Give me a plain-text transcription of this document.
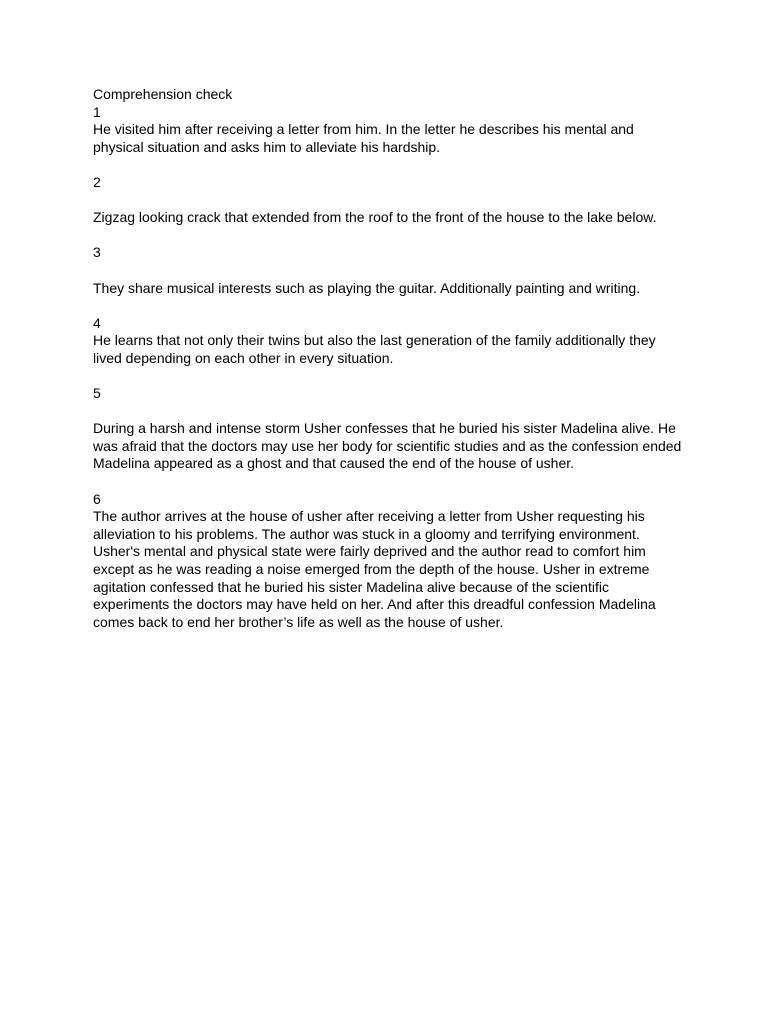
Comprehension check

1

He visited him after receiving a letter from him. In the letter he describes his mental and physical situation and asks him to alleviate his hardship.

2

Zigzag looking crack that extended from the roof to the front of the house to the lake below.

3

They share musical interests such as playing the guitar. Additionally painting and writing.

4

He learns that not only their twins but also the last generation of the family additionally they lived depending on each other in every situation.

5

During a harsh and intense storm Usher confesses that he buried his sister Madelina alive. He was afraid that the doctors may use her body for scientific studies and as the confession ended Madelina appeared as a ghost and that caused the end of the house of usher.

6

The author arrives at the house of usher after receiving a letter from Usher requesting his alleviation to his problems. The author was stuck in a gloomy and terrifying environment. Usher's mental and physical state were fairly deprived and the author read to comfort him except as he was reading a noise emerged from the depth of the house. Usher in extreme agitation confessed that he buried his sister Madelina alive because of the scientific experiments the doctors may have held on her. And after this dreadful confession Madelina comes back to end her brother’s life as well as the house of usher.
